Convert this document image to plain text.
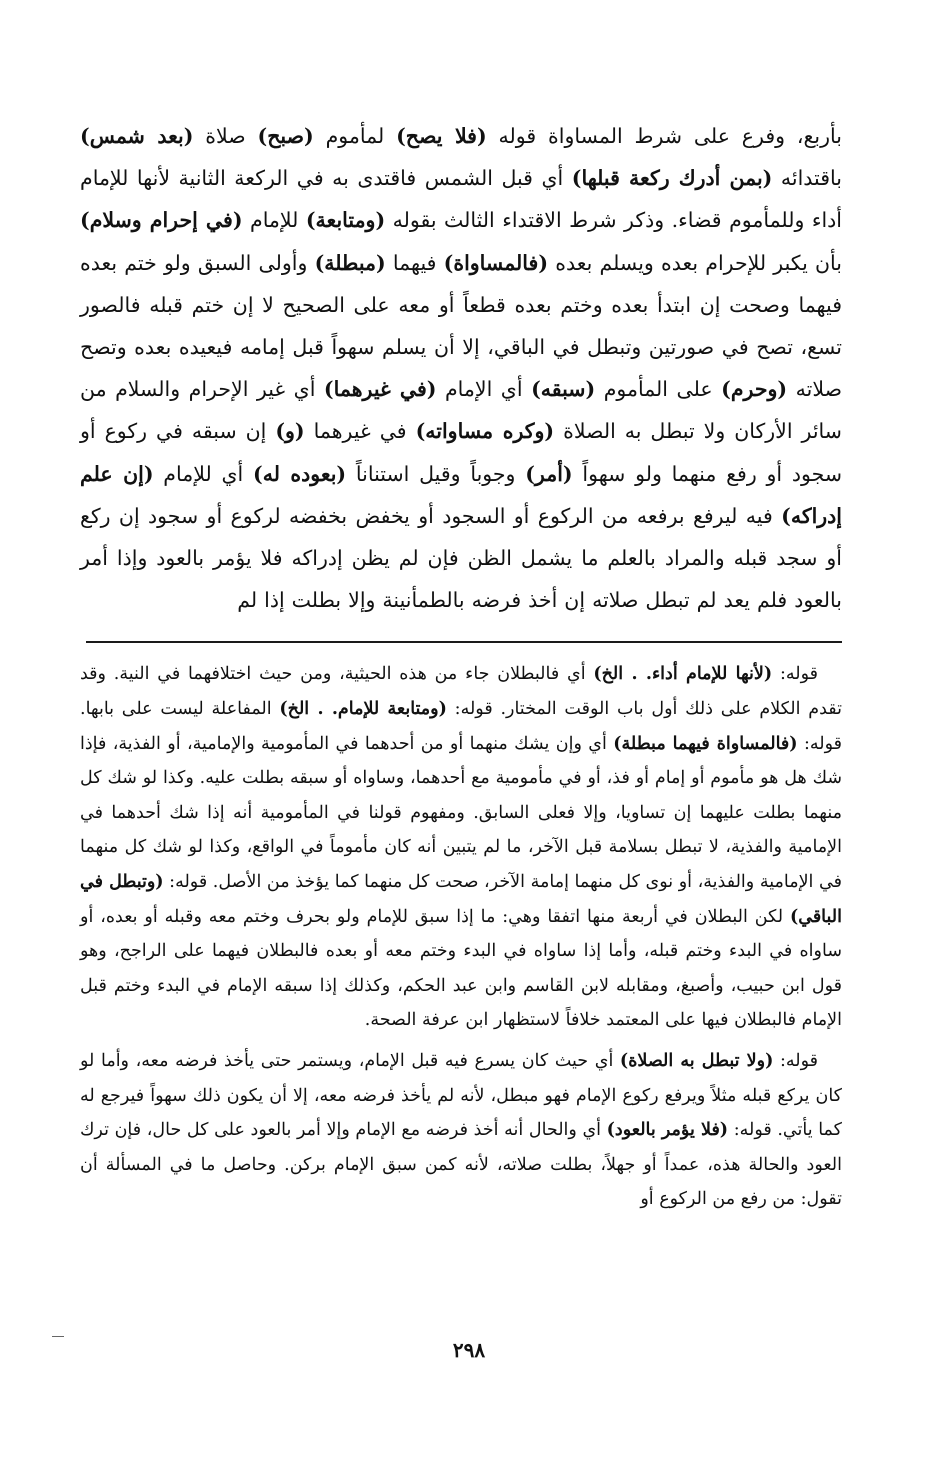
بأربع، وفرع على شرط المساواة قوله (فلا يصح) لمأموم (صبح) صلاة (بعد شمس) باقتدائه (بمن أدرك ركعة قبلها) أي قبل الشمس فاقتدى به في الركعة الثانية لأنها للإمام أداء وللمأموم قضاء. وذكر شرط الاقتداء الثالث بقوله (ومتابعة) للإمام (في إحرام وسلام) بأن يكبر للإحرام بعده ويسلم بعده (فالمساواة) فيهما (مبطلة) وأولى السبق ولو ختم بعده فيهما وصحت إن ابتدأ بعده وختم بعده قطعاً أو معه على الصحيح لا إن ختم قبله فالصور تسع، تصح في صورتين وتبطل في الباقي، إلا أن يسلم سهواً قبل إمامه فيعيده بعده وتصح صلاته (وحرم) على المأموم (سبقه) أي الإمام (في غيرهما) أي غير الإحرام والسلام من سائر الأركان ولا تبطل به الصلاة (وكره مساواته) في غيرهما (و) إن سبقه في ركوع أو سجود أو رفع منهما ولو سهواً (أمر) وجوباً وقيل استناناً (بعوده له) أي للإمام (إن علم إدراكه) فيه ليرفع برفعه من الركوع أو السجود أو يخفض بخفضه لركوع أو سجود إن ركع أو سجد قبله والمراد بالعلم ما يشمل الظن فإن لم يظن إدراكه فلا يؤمر بالعود وإذا أمر بالعود فلم يعد لم تبطل صلاته إن أخذ فرضه بالطمأنينة وإلا بطلت إذا لم

قوله: (لأنها للإمام أداء. . الخ) أي فالبطلان جاء من هذه الحيثية، ومن حيث اختلافهما في النية. وقد تقدم الكلام على ذلك أول باب الوقت المختار. قوله: (ومتابعة للإمام. . الخ) المفاعلة ليست على بابها. قوله: (فالمساواة فيهما مبطلة) أي وإن يشك منهما أو من أحدهما في المأمومية والإمامية، أو الفذية، فإذا شك هل هو مأموم أو إمام أو فذ، أو في مأمومية مع أحدهما، وساواه أو سبقه بطلت عليه. وكذا لو شك كل منهما بطلت عليهما إن تساويا، وإلا فعلى السابق. ومفهوم قولنا في المأمومية أنه إذا شك أحدهما في الإمامية والفذية، لا تبطل بسلامة قبل الآخر، ما لم يتبين أنه كان مأموماً في الواقع، وكذا لو شك كل منهما في الإمامية والفذية، أو نوى كل منهما إمامة الآخر، صحت كل منهما كما يؤخذ من الأصل. قوله: (وتبطل في الباقي) لكن البطلان في أربعة منها اتفقا وهي: ما إذا سبق للإمام ولو بحرف وختم معه وقبله أو بعده، أو ساواه في البدء وختم قبله، وأما إذا ساواه في البدء وختم معه أو بعده فالبطلان فيهما على الراجح، وهو قول ابن حبيب، وأصبغ، ومقابله لابن القاسم وابن عبد الحكم، وكذلك إذا سبقه الإمام في البدء وختم قبل الإمام فالبطلان فيها على المعتمد خلافاً لاستظهار ابن عرفة الصحة.

قوله: (ولا تبطل به الصلاة) أي حيث كان يسرع فيه قبل الإمام، ويستمر حتى يأخذ فرضه معه، وأما لو كان يركع قبله مثلاً ويرفع ركوع الإمام فهو مبطل، لأنه لم يأخذ فرضه معه، إلا أن يكون ذلك سهواً فيرجع له كما يأتي. قوله: (فلا يؤمر بالعود) أي والحال أنه أخذ فرضه مع الإمام وإلا أمر بالعود على كل حال، فإن ترك العود والحالة هذه، عمداً أو جهلاً، بطلت صلاته، لأنه كمن سبق الإمام بركن. وحاصل ما في المسألة أن تقول: من رفع من الركوع أو

٢٩٨
